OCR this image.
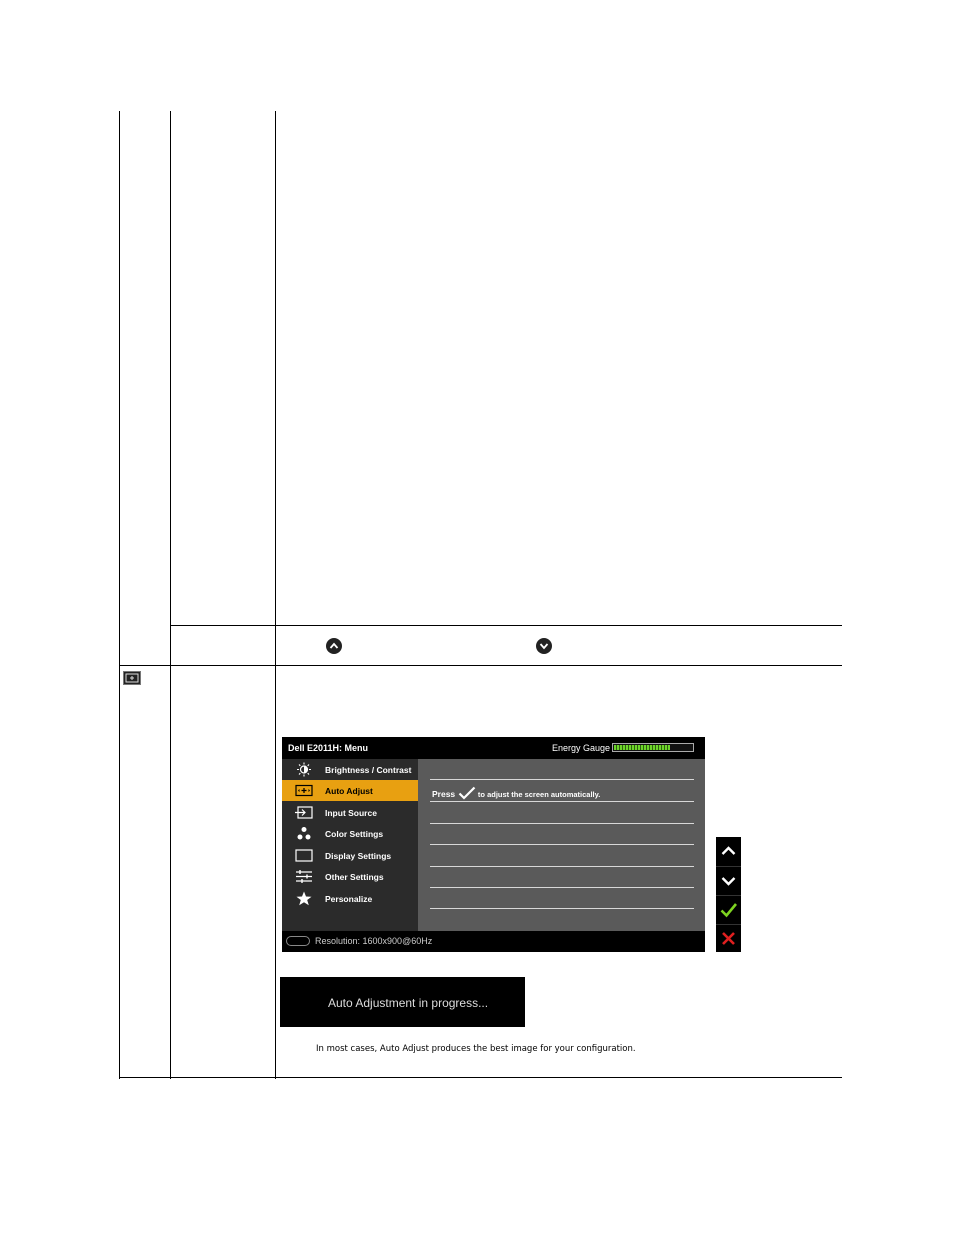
Dell E2011H: Menu	Energy Gauge
Brightness / Contrast
Auto Adjust
Input Source
Color Settings
Display Settings
Other Settings
Personalize
Press	to adjust the screen automatically.
Resolution: 1600x900@60Hz
Auto Adjustment in progress...
In most cases, Auto Adjust produces the best image for your configuration.
